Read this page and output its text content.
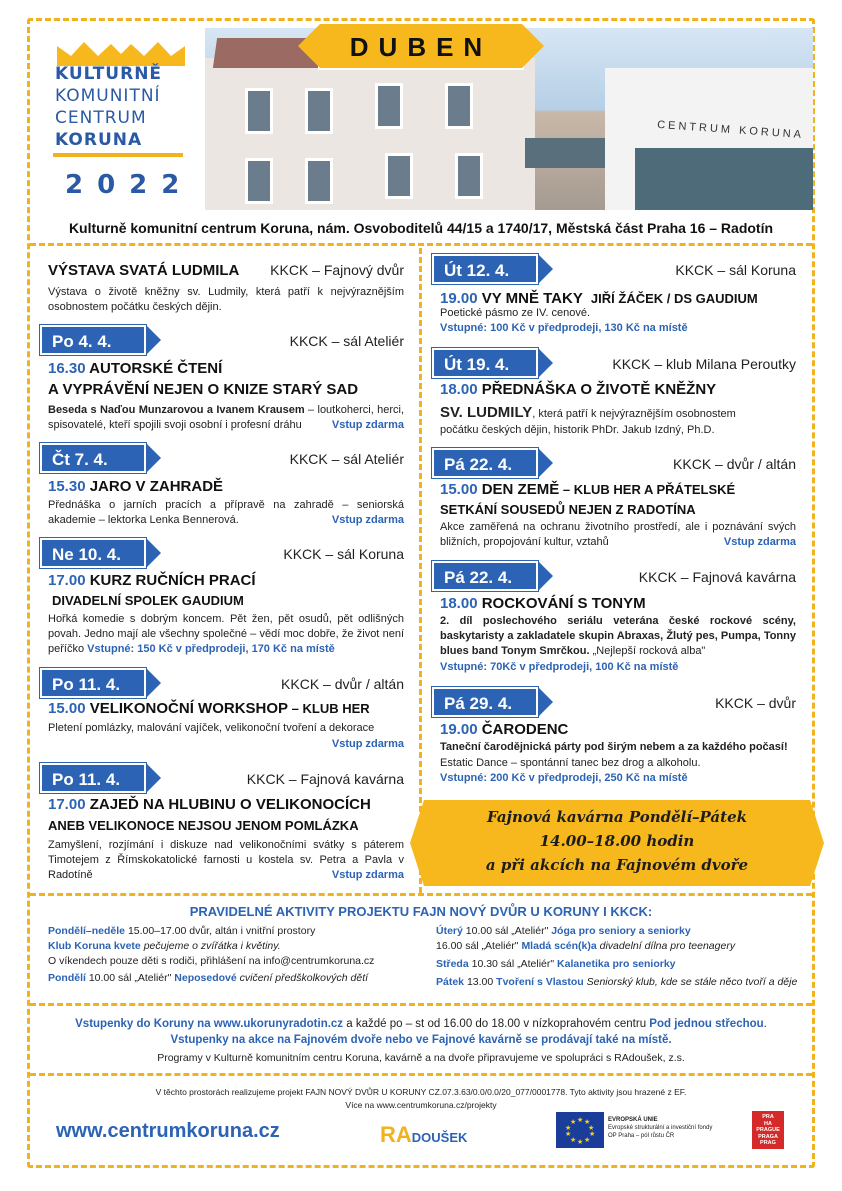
KULTURNĚ
KOMUNITNÍ
CENTRUM
KORUNA
2022
CENTRUM KORUNA
DUBEN
Kulturně komunitní centrum Koruna, nám. Osvoboditelů 44/15 a 1740/17, Městská část Praha 16 – Radotín
VÝSTAVA SVATÁ LUDMILA	KKCK – Fajnový dvůr
Výstava o životě kněžny sv. Ludmily, která patří k nejvýraznějším osobnostem počátku českých dějin.
Po 4. 4.	KKCK – sál Ateliér
16.30 AUTORSKÉ ČTENÍ
A VYPRÁVĚNÍ NEJEN O KNIZE STARÝ SAD
Beseda s Naďou Munzarovou a Ivanem Krausem – loutkoherci, herci, spisovatelé, kteří spojili svoji osobní i profesní dráhu	Vstup zdarma
Čt 7. 4.	KKCK – sál Ateliér
15.30 JARO V ZAHRADĚ
Přednáška o jarních pracích a přípravě na zahradě – seniorská akademie – lektorka Lenka Bennerová.	Vstup zdarma
Ne 10. 4.	KKCK – sál Koruna
17.00 KURZ RUČNÍCH PRACÍ
DIVADELNÍ SPOLEK GAUDIUM
Hořká komedie s dobrým koncem. Pět žen, pět osudů, pět odlišných povah. Jedno mají ale všechny společné – vědí moc dobře, že život není peříčko Vstupné: 150 Kč v předprodeji, 170 Kč na místě
Po 11. 4.	KKCK – dvůr / altán
15.00 VELIKONOČNÍ WORKSHOP – KLUB HER
Pletení pomlázky, malování vajíček, velikonoční tvoření a dekorace
Vstup zdarma
Po 11. 4.	KKCK – Fajnová kavárna
17.00 ZAJEĎ NA HLUBINU O VELIKONOCÍCH
ANEB VELIKONOCE NEJSOU JENOM POMLÁZKA
Zamyšlení, rozjímání i diskuze nad velikonočními svátky s páterem Timotejem z Římskokatolické farnosti u kostela sv. Petra a Pavla v Radotíně	Vstup zdarma
Út 12. 4.	KKCK – sál Koruna
19.00 VY MNĚ TAKY JIŘÍ ŽÁČEK / DS GAUDIUM
Poetické pásmo ze IV. cenové.
Vstupné: 100 Kč v předprodeji, 130 Kč na místě
Út 19. 4.	KKCK – klub Milana Peroutky
18.00 PŘEDNÁŠKA O ŽIVOTĚ KNĚŽNY
SV. LUDMILY, která patří k nejvýraznějším osobnostem
počátku českých dějin, historik PhDr. Jakub Izdný, Ph.D.
Pá 22. 4.	KKCK – dvůr / altán
15.00 DEN ZEMĚ – KLUB HER A PŘÁTELSKÉ
SETKÁNÍ SOUSEDŮ NEJEN Z RADOTÍNA
Akce zaměřená na ochranu životního prostředí, ale i poznávání svých bližních, propojování kultur, vztahů	Vstup zdarma
Pá 22. 4.	KKCK – Fajnová kavárna
18.00 ROCKOVÁNÍ S TONYM
2. díl poslechového seriálu veterána české rockové scény, baskytaristy a zakladatele skupin Abraxas, Žlutý pes, Pumpa, Tonny blues band Tonym Smrčkou. „Nejlepší rocková alba"
Vstupné: 70Kč v předprodeji, 100 Kč na místě
Pá 29. 4.	KKCK – dvůr
19.00 ČARODENC
Taneční čarodějnická párty pod širým nebem a za každého počasí!
Estatic Dance – spontánní tanec bez drog a alkoholu.
Vstupné: 200 Kč v předprodeji, 250 Kč na místě
Fajnová kavárna Pondělí–Pátek
14.00–18.00 hodin
a při akcích na Fajnovém dvoře
PRAVIDELNÉ AKTIVITY PROJEKTU FAJN NOVÝ DVŮR U KORUNY I KKCK:
Pondělí–neděle 15.00–17.00 dvůr, altán i vnitřní prostory
Klub Koruna kvete pečujeme o zvířátka i květiny.
O víkendech pouze děti s rodiči, přihlášení na info@centrumkoruna.cz
Pondělí 10.00 sál „Ateliér" Neposedové cvičení předškolkových dětí
Úterý 10.00 sál „Ateliér" Jóga pro seniory a seniorky
16.00 sál „Ateliér" Mladá scén(k)a divadelní dílna pro teenagery
Středa 10.30 sál „Ateliér" Kalanetika pro seniorky
Pátek 13.00 Tvoření s Vlastou Seniorský klub, kde se stále něco tvoří a děje
Vstupenky do Koruny na www.ukorunyradotin.cz a každé po – st od 16.00 do 18.00 v nízkoprahovém centru Pod jednou střechou.
Vstupenky na akce na Fajnovém dvoře nebo ve Fajnové kavárně se prodávají také na místě.
Programy v Kulturně komunitním centru Koruna, kavárně a na dvoře připravujeme ve spolupráci s RAdoušek, z.s.
V těchto prostorách realizujeme projekt FAJN NOVÝ DVŮR U KORUNY CZ.07.3.63/0.0/0.0/20_077/0001778. Tyto aktivity jsou hrazené z EF.
Více na www.centrumkoruna.cz/projekty
www.centrumkoruna.cz	RADOUŠEK
★ ★
★
★
★
★
★
★
★
★	EVROPSKÁ UNIE
Evropské strukturální a investiční fondy
OP Praha – pól růstu ČR
PRA
HA
PRAGUE
PRAGA
PRAG
